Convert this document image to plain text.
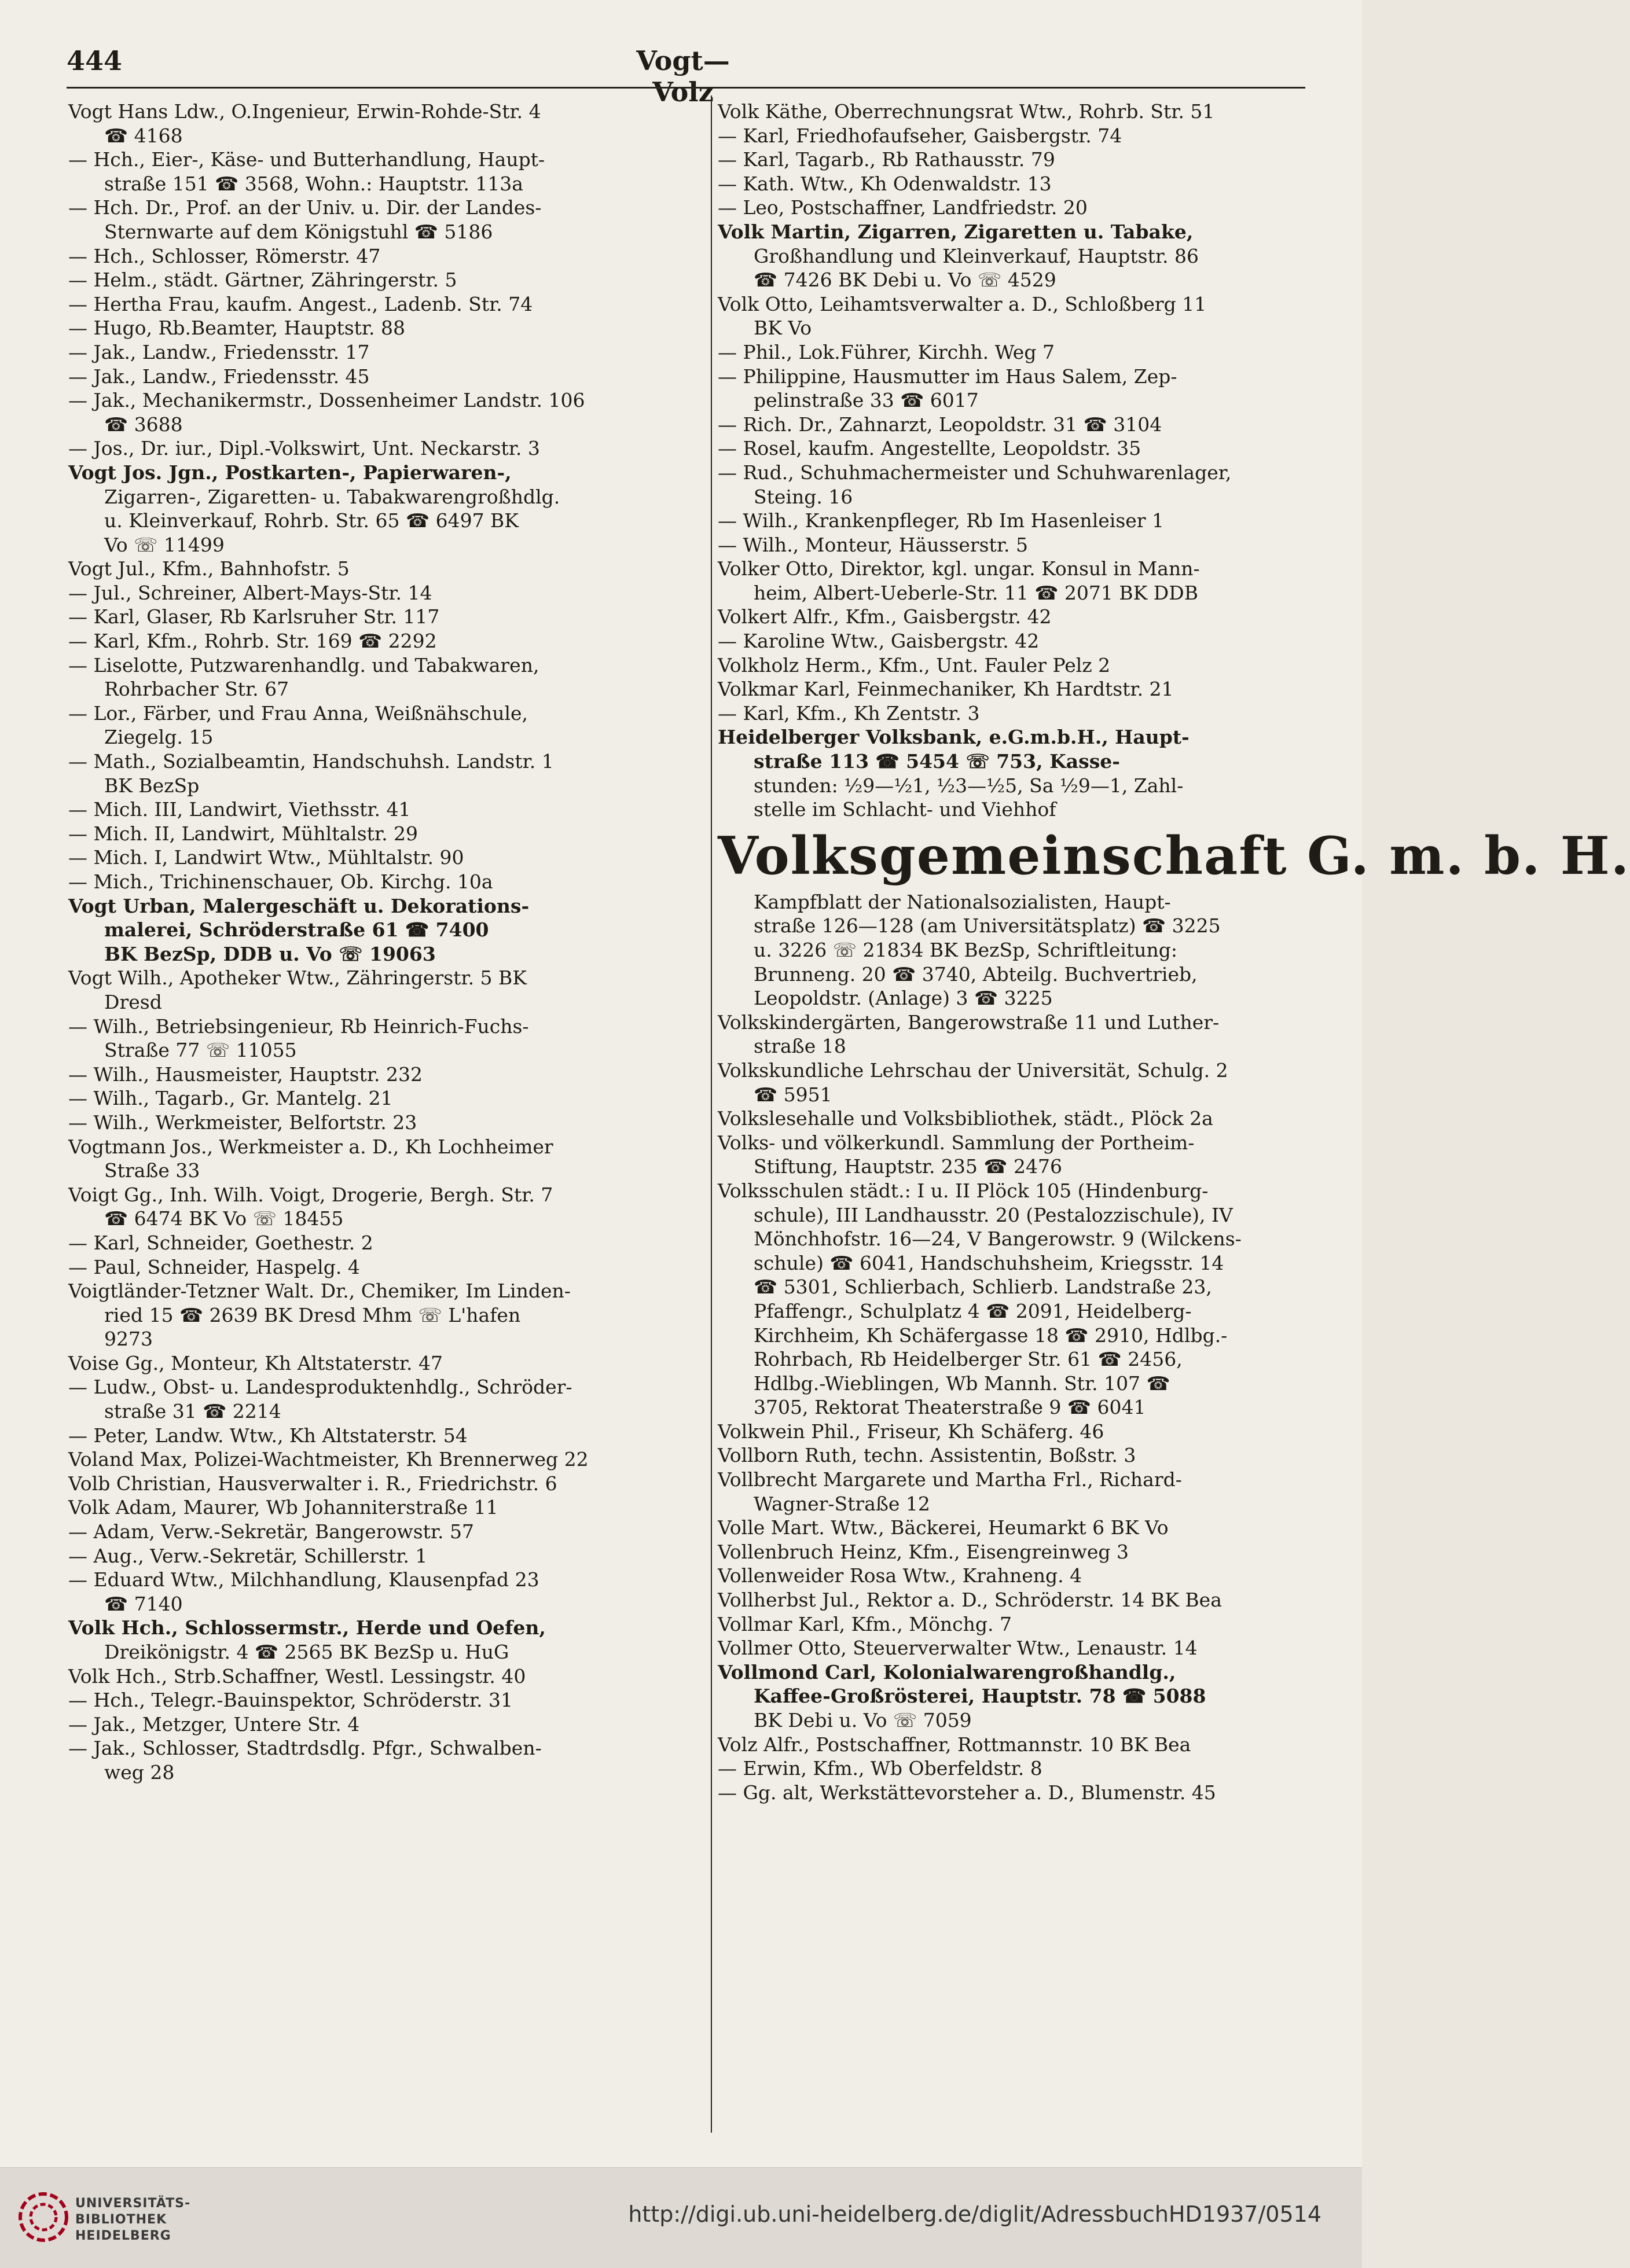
444	Vogt—Volz
Vogt Hans Ldw., O.Ingenieur, Erwin-Rohde-Str. 4
☎ 4168
— Hch., Eier-, Käse- und Butterhandlung, Haupt-
straße 151 ☎ 3568, Wohn.: Hauptstr. 113a
— Hch. Dr., Prof. an der Univ. u. Dir. der Landes-
Sternwarte auf dem Königstuhl ☎ 5186
— Hch., Schlosser, Römerstr. 47
— Helm., städt. Gärtner, Zähringerstr. 5
— Hertha Frau, kaufm. Angest., Ladenb. Str. 74
— Hugo, Rb.Beamter, Hauptstr. 88
— Jak., Landw., Friedensstr. 17
— Jak., Landw., Friedensstr. 45
— Jak., Mechanikermstr., Dossenheimer Landstr. 106
☎ 3688
— Jos., Dr. iur., Dipl.-Volkswirt, Unt. Neckarstr. 3
Vogt Jos. Jgn., Postkarten-, Papierwaren-,
Zigarren-, Zigaretten- u. Tabakwarengroßhdlg.
u. Kleinverkauf, Rohrb. Str. 65 ☎ 6497 BK
Vo ☏ 11499
Vogt Jul., Kfm., Bahnhofstr. 5
— Jul., Schreiner, Albert-Mays-Str. 14
— Karl, Glaser, Rb Karlsruher Str. 117
— Karl, Kfm., Rohrb. Str. 169 ☎ 2292
— Liselotte, Putzwarenhandlg. und Tabakwaren,
Rohrbacher Str. 67
— Lor., Färber, und Frau Anna, Weißnähschule,
Ziegelg. 15
— Math., Sozialbeamtin, Handschuhsh. Landstr. 1
BK BezSp
— Mich. III, Landwirt, Viethsstr. 41
— Mich. II, Landwirt, Mühltalstr. 29
— Mich. I, Landwirt Wtw., Mühltalstr. 90
— Mich., Trichinenschauer, Ob. Kirchg. 10a
Vogt Urban, Malergeschäft u. Dekorations-
malerei, Schröderstraße 61 ☎ 7400
BK BezSp, DDB u. Vo ☏ 19063
Vogt Wilh., Apotheker Wtw., Zähringerstr. 5 BK
Dresd
— Wilh., Betriebsingenieur, Rb Heinrich-Fuchs-
Straße 77 ☏ 11055
— Wilh., Hausmeister, Hauptstr. 232
— Wilh., Tagarb., Gr. Mantelg. 21
— Wilh., Werkmeister, Belfortstr. 23
Vogtmann Jos., Werkmeister a. D., Kh Lochheimer
Straße 33
Voigt Gg., Inh. Wilh. Voigt, Drogerie, Bergh. Str. 7
☎ 6474 BK Vo ☏ 18455
— Karl, Schneider, Goethestr. 2
— Paul, Schneider, Haspelg. 4
Voigtländer-Tetzner Walt. Dr., Chemiker, Im Linden-
ried 15 ☎ 2639 BK Dresd Mhm ☏ L'hafen
9273
Voise Gg., Monteur, Kh Altstaterstr. 47
— Ludw., Obst- u. Landesproduktenhdlg., Schröder-
straße 31 ☎ 2214
— Peter, Landw. Wtw., Kh Altstaterstr. 54
Voland Max, Polizei-Wachtmeister, Kh Brennerweg 22
Volb Christian, Hausverwalter i. R., Friedrichstr. 6
Volk Adam, Maurer, Wb Johanniterstraße 11
— Adam, Verw.-Sekretär, Bangerowstr. 57
— Aug., Verw.-Sekretär, Schillerstr. 1
— Eduard Wtw., Milchhandlung, Klausenpfad 23
☎ 7140
Volk Hch., Schlossermstr., Herde und Oefen,
Dreikönigstr. 4 ☎ 2565 BK BezSp u. HuG
Volk Hch., Strb.Schaffner, Westl. Lessingstr. 40
— Hch., Telegr.-Bauinspektor, Schröderstr. 31
— Jak., Metzger, Untere Str. 4
— Jak., Schlosser, Stadtrdsdlg. Pfgr., Schwalben-
weg 28
Volk Käthe, Oberrechnungsrat Wtw., Rohrb. Str. 51
— Karl, Friedhofaufseher, Gaisbergstr. 74
— Karl, Tagarb., Rb Rathausstr. 79
— Kath. Wtw., Kh Odenwaldstr. 13
— Leo, Postschaffner, Landfriedstr. 20
Volk Martin, Zigarren, Zigaretten u. Tabake,
Großhandlung und Kleinverkauf, Hauptstr. 86
☎ 7426 BK Debi u. Vo ☏ 4529
Volk Otto, Leihamtsverwalter a. D., Schloßberg 11
BK Vo
— Phil., Lok.Führer, Kirchh. Weg 7
— Philippine, Hausmutter im Haus Salem, Zep-
pelinstraße 33 ☎ 6017
— Rich. Dr., Zahnarzt, Leopoldstr. 31 ☎ 3104
— Rosel, kaufm. Angestellte, Leopoldstr. 35
— Rud., Schuhmachermeister und Schuhwarenlager,
Steing. 16
— Wilh., Krankenpfleger, Rb Im Hasenleiser 1
— Wilh., Monteur, Häusserstr. 5
Volker Otto, Direktor, kgl. ungar. Konsul in Mann-
heim, Albert-Ueberle-Str. 11 ☎ 2071 BK DDB
Volkert Alfr., Kfm., Gaisbergstr. 42
— Karoline Wtw., Gaisbergstr. 42
Volkholz Herm., Kfm., Unt. Fauler Pelz 2
Volkmar Karl, Feinmechaniker, Kh Hardtstr. 21
— Karl, Kfm., Kh Zentstr. 3
Heidelberger Volksbank, e.G.m.b.H., Haupt-
straße 113 ☎ 5454 ☏ 753, Kasse-
stunden: ½9—½1, ½3—½5, Sa ½9—1, Zahl-
stelle im Schlacht- und Viehhof
Volksgemeinschaft G. m. b. H.
Kampfblatt der Nationalsozialisten, Haupt-
straße 126—128 (am Universitätsplatz) ☎ 3225
u. 3226 ☏ 21834 BK BezSp, Schriftleitung:
Brunneng. 20 ☎ 3740, Abteilg. Buchvertrieb,
Leopoldstr. (Anlage) 3 ☎ 3225
Volkskindergärten, Bangerowstraße 11 und Luther-
straße 18
Volkskundliche Lehrschau der Universität, Schulg. 2
☎ 5951
Volkslesehalle und Volksbibliothek, städt., Plöck 2a
Volks- und völkerkundl. Sammlung der Portheim-
Stiftung, Hauptstr. 235 ☎ 2476
Volksschulen städt.: I u. II Plöck 105 (Hindenburg-
schule), III Landhausstr. 20 (Pestalozzischule), IV
Mönchhofstr. 16—24, V Bangerowstr. 9 (Wilckens-
schule) ☎ 6041, Handschuhsheim, Kriegsstr. 14
☎ 5301, Schlierbach, Schlierb. Landstraße 23,
Pfaffengr., Schulplatz 4 ☎ 2091, Heidelberg-
Kirchheim, Kh Schäfergasse 18 ☎ 2910, Hdlbg.-
Rohrbach, Rb Heidelberger Str. 61 ☎ 2456,
Hdlbg.-Wieblingen, Wb Mannh. Str. 107 ☎
3705, Rektorat Theaterstraße 9 ☎ 6041
Volkwein Phil., Friseur, Kh Schäferg. 46
Vollborn Ruth, techn. Assistentin, Boßstr. 3
Vollbrecht Margarete und Martha Frl., Richard-
Wagner-Straße 12
Volle Mart. Wtw., Bäckerei, Heumarkt 6 BK Vo
Vollenbruch Heinz, Kfm., Eisengreinweg 3
Vollenweider Rosa Wtw., Krahneng. 4
Vollherbst Jul., Rektor a. D., Schröderstr. 14 BK Bea
Vollmar Karl, Kfm., Mönchg. 7
Vollmer Otto, Steuerverwalter Wtw., Lenaustr. 14
Vollmond Carl, Kolonialwarengroßhandlg.,
Kaffee-Großrösterei, Hauptstr. 78 ☎ 5088
BK Debi u. Vo ☏ 7059
Volz Alfr., Postschaffner, Rottmannstr. 10 BK Bea
— Erwin, Kfm., Wb Oberfeldstr. 8
— Gg. alt, Werkstättevorsteher a. D., Blumenstr. 45
UNIVERSITÄTS-
BIBLIOTHEK
HEIDELBERG
http://digi.ub.uni-heidelberg.de/diglit/AdressbuchHD1937/0514
